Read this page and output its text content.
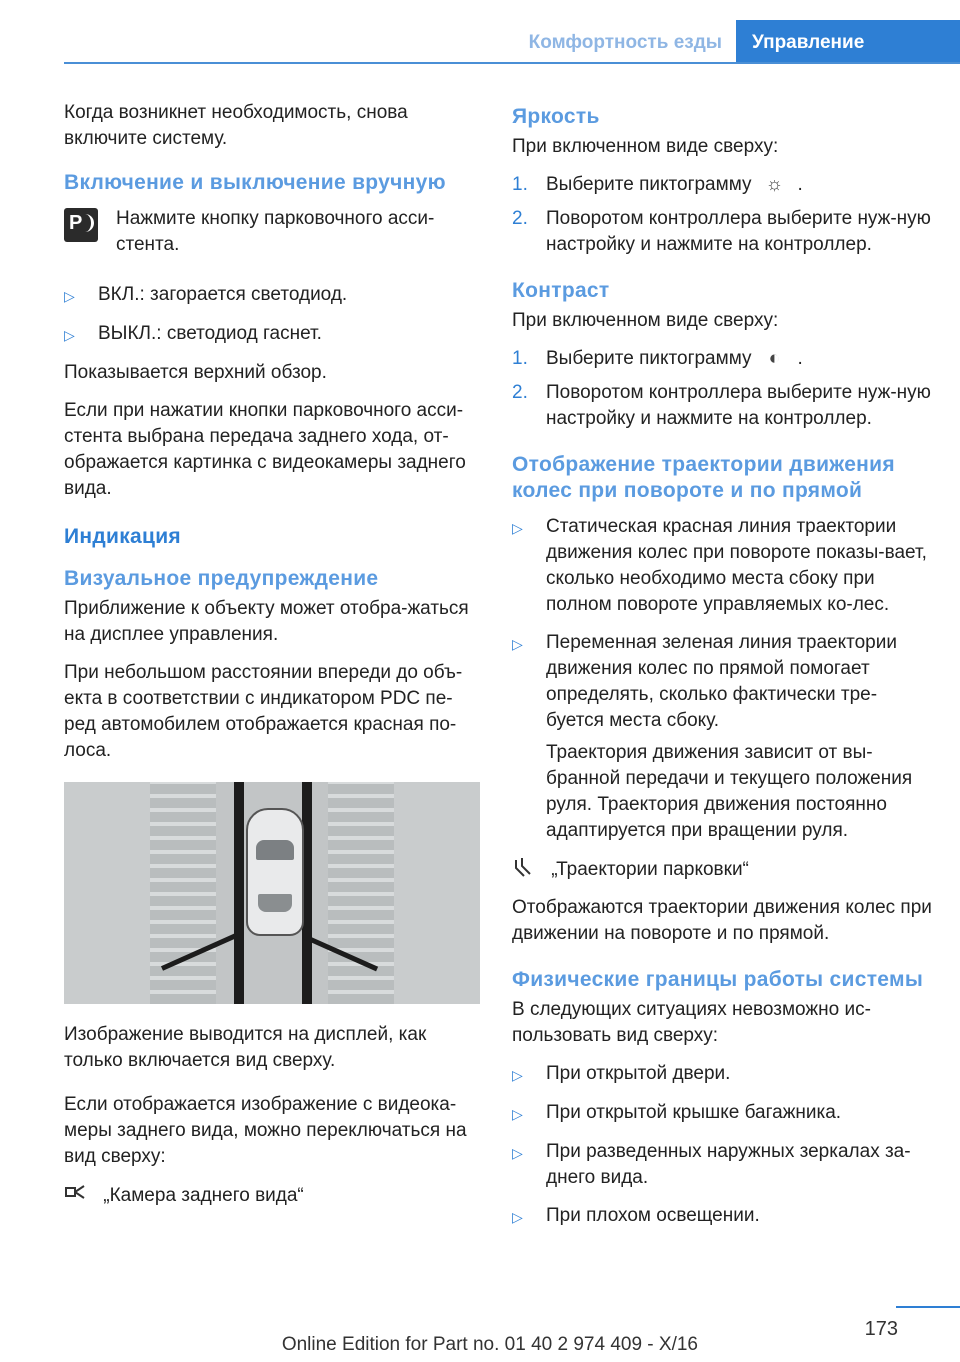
Комфортность езды Управление

Когда возникнет необходимость, снова включите систему.

Включение и выключение вручную
P Нажмите кнопку парковочного асси-стента.

▷	ВКЛ.: загорается светодиод.
▷	ВЫКЛ.: светодиод гаснет.

Показывается верхний обзор.

Если при нажатии кнопки парковочного асси-стента выбрана передача заднего хода, от-ображается картинка с видеокамеры заднего вида.

Индикация
Визуальное предупреждение

Приближение к объекту может отобра-жаться на дисплее управления.

При небольшом расстоянии впереди до объ-екта в соответствии с индикатором PDC пе-ред автомобилем отображается красная по-лоса.

Изображение выводится на дисплей, как только включается вид сверху.

Если отображается изображение с видеока-меры заднего вида, можно переключаться на вид сверху:

„Камера заднего вида“

Яркость

При включенном виде сверху:

1. Выберите пиктограмму ☼ .
2. Поворотом контроллера выберите нуж-ную настройку и нажмите на контроллер.
Контраст

При включенном виде сверху:

1. Выберите пиктограмму ◐ .
2. Поворотом контроллера выберите нуж-ную настройку и нажмите на контроллер.
Отображение траектории движения колес при повороте и по прямой
▷	Статическая красная линия траектории движения колес при повороте показы-вает, сколько необходимо места сбоку при полном повороте управляемых ко-лес.
▷	Переменная зеленая линия траектории движения колес по прямой помогает определять, сколько фактически тре-буется места сбоку.

Траектория движения зависит от вы-бранной передачи и текущего положения руля. Траектория движения постоянно адаптируется при вращении руля.

„Траектории парковки“

Отображаются траектории движения колес при движении на повороте и по прямой.

Физические границы работы системы

В следующих ситуациях невозможно ис-пользовать вид сверху:

▷	При открытой двери.
▷	При открытой крышке багажника.
▷	При разведенных наружных зеркалах за-днего вида.
▷	При плохом освещении.
173
Online Edition for Part no. 01 40 2 974 409 - X/16
